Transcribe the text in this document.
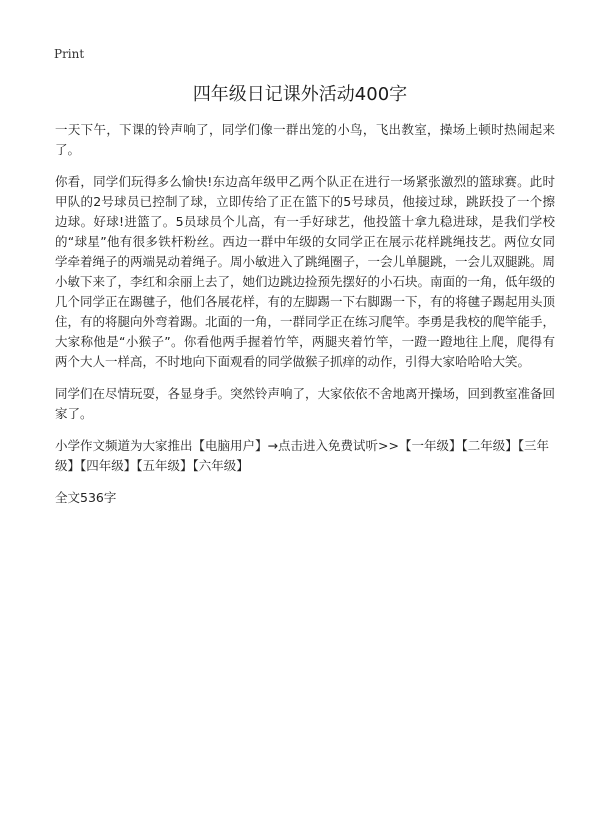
Print
四年级日记课外活动400字

一天下午，下课的铃声响了，同学们像一群出笼的小鸟，飞出教室，操场上顿时热闹起来了。

你看，同学们玩得多么愉快!东边高年级甲乙两个队正在进行一场紧张激烈的篮球赛。此时甲队的2号球员已控制了球，立即传给了正在篮下的5号球员，他接过球，跳跃投了一个擦边球。好球!进篮了。5员球员个儿高，有一手好球艺，他投篮十拿九稳进球，是我们学校的“球星”他有很多铁杆粉丝。西边一群中年级的女同学正在展示花样跳绳技艺。两位女同学牵着绳子的两端晃动着绳子。周小敏进入了跳绳圈子，一会儿单腿跳，一会儿双腿跳。周小敏下来了，李红和余丽上去了，她们边跳边捡预先摆好的小石块。南面的一角，低年级的几个同学正在踢毽子，他们各展花样，有的左脚踢一下右脚踢一下，有的将毽子踢起用头顶住，有的将腿向外弯着踢。北面的一角，一群同学正在练习爬竿。李勇是我校的爬竿能手，大家称他是“小猴子”。你看他两手握着竹竿，两腿夹着竹竿，一蹬一蹬地往上爬，爬得有两个大人一样高，不时地向下面观看的同学做猴子抓痒的动作，引得大家哈哈哈大笑。

同学们在尽情玩耍，各显身手。突然铃声响了，大家依依不舍地离开操场，回到教室准备回家了。

小学作文频道为大家推出【电脑用户】→点击进入免费试听>>【一年级】【二年级】【三年级】【四年级】【五年级】【六年级】

全文536字
